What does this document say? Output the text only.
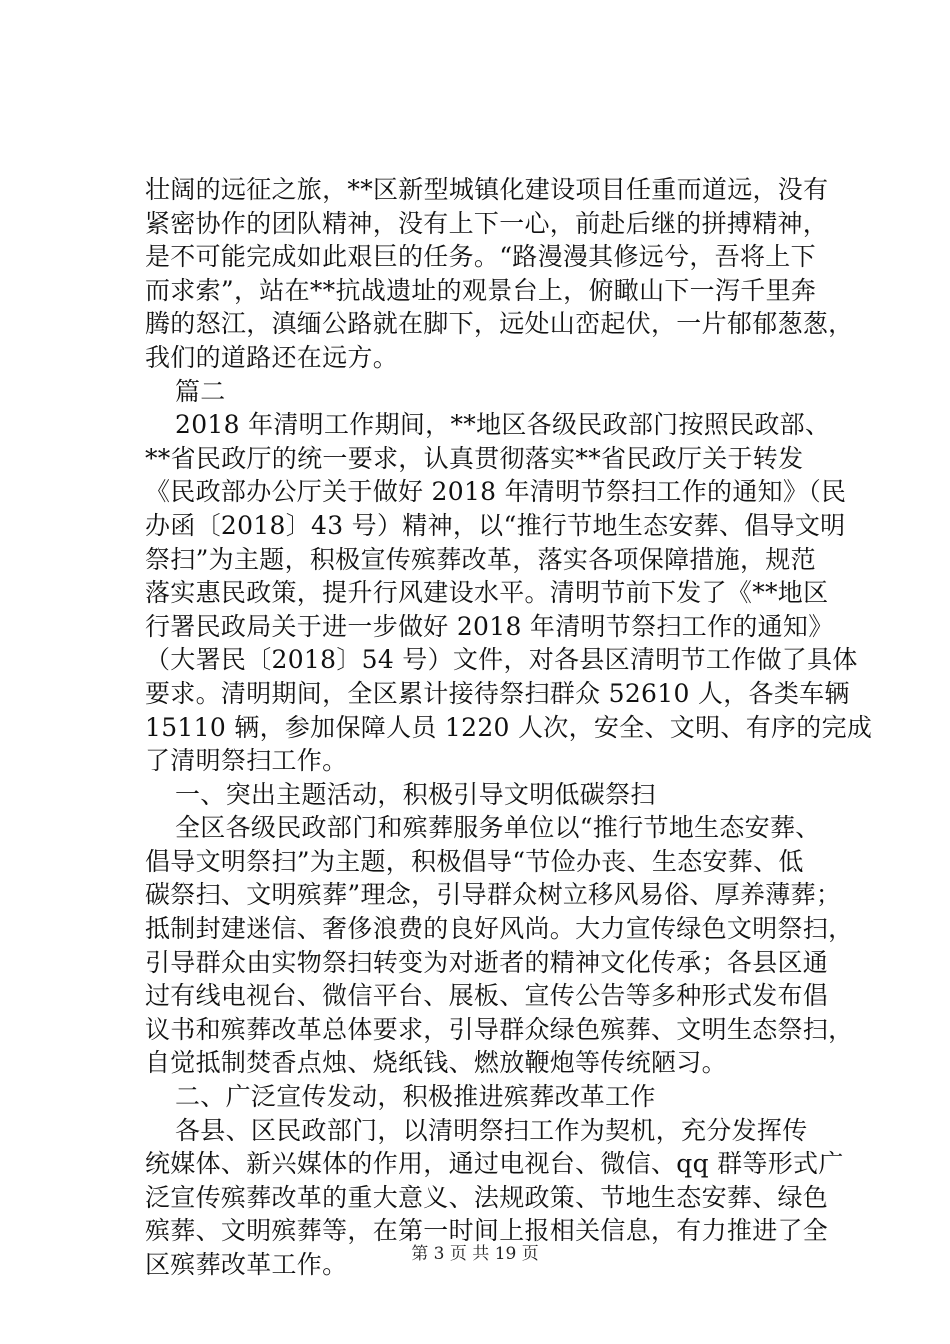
壮阔的远征之旅，**区新型城镇化建设项目任重而道远，没有
紧密协作的团队精神，没有上下一心，前赴后继的拼搏精神，
是不可能完成如此艰巨的任务。“路漫漫其修远兮，吾将上下
而求索”，站在**抗战遗址的观景台上，俯瞰山下一泻千里奔
腾的怒江，滇缅公路就在脚下，远处山峦起伏，一片郁郁葱葱，
我们的道路还在远方。
篇二
2018 年清明工作期间，**地区各级民政部门按照民政部、
**省民政厅的统一要求，认真贯彻落实**省民政厅关于转发
《民政部办公厅关于做好 2018 年清明节祭扫工作的通知》（民
办函〔2018〕43 号）精神，以“推行节地生态安葬、倡导文明
祭扫”为主题，积极宣传殡葬改革，落实各项保障措施，规范
落实惠民政策，提升行风建设水平。清明节前下发了《**地区
行署民政局关于进一步做好 2018 年清明节祭扫工作的通知》
（大署民〔2018〕54 号）文件，对各县区清明节工作做了具体
要求。清明期间，全区累计接待祭扫群众 52610 人，各类车辆
15110 辆，参加保障人员 1220 人次，安全、文明、有序的完成
了清明祭扫工作。
一、突出主题活动，积极引导文明低碳祭扫
全区各级民政部门和殡葬服务单位以“推行节地生态安葬、
倡导文明祭扫”为主题，积极倡导“节俭办丧、生态安葬、低
碳祭扫、文明殡葬”理念，引导群众树立移风易俗、厚养薄葬；
抵制封建迷信、奢侈浪费的良好风尚。大力宣传绿色文明祭扫，
引导群众由实物祭扫转变为对逝者的精神文化传承；各县区通
过有线电视台、微信平台、展板、宣传公告等多种形式发布倡
议书和殡葬改革总体要求，引导群众绿色殡葬、文明生态祭扫，
自觉抵制焚香点烛、烧纸钱、燃放鞭炮等传统陋习。
二、广泛宣传发动，积极推进殡葬改革工作
各县、区民政部门，以清明祭扫工作为契机，充分发挥传
统媒体、新兴媒体的作用，通过电视台、微信、qq 群等形式广
泛宣传殡葬改革的重大意义、法规政策、节地生态安葬、绿色
殡葬、文明殡葬等，在第一时间上报相关信息，有力推进了全
区殡葬改革工作。	第 3 页 共 19 页
